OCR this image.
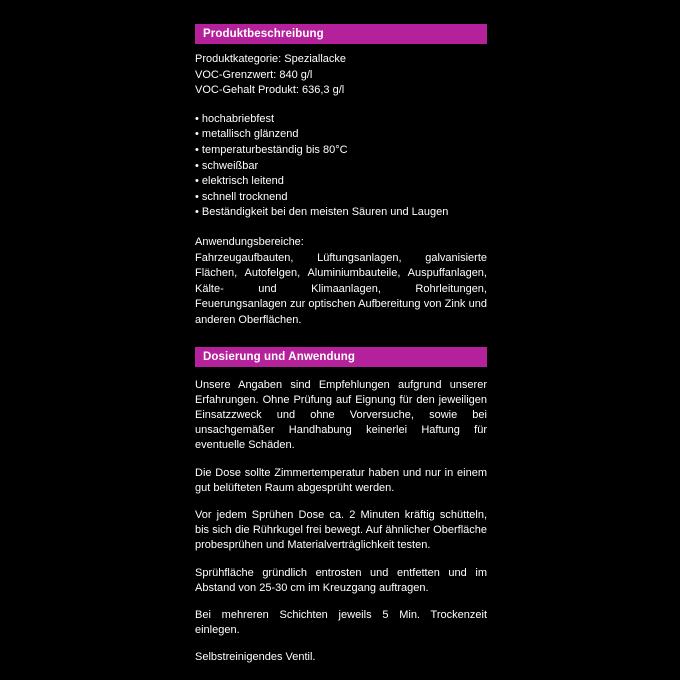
Produktbeschreibung
Produktkategorie: Speziallacke
VOC-Grenzwert: 840 g/l
VOC-Gehalt Produkt: 636,3 g/l
• hochabriebfest
• metallisch glänzend
• temperaturbeständig bis 80°C
• schweißbar
• elektrisch leitend
• schnell trocknend
• Beständigkeit bei den meisten Säuren und Laugen
Anwendungsbereiche:
Fahrzeugaufbauten, Lüftungsanlagen, galvanisierte Flächen, Autofelgen, Aluminiumbauteile, Auspuffanlagen, Kälte- und Klimaanlagen, Rohrleitungen, Feuerungsanlagen zur optischen Aufbereitung von Zink und anderen Oberflächen.
Dosierung und Anwendung
Unsere Angaben sind Empfehlungen aufgrund unserer Erfahrungen. Ohne Prüfung auf Eignung für den jeweiligen Einsatzzweck und ohne Vorversuche, sowie bei unsachgemäßer Handhabung keinerlei Haftung für eventuelle Schäden.
Die Dose sollte Zimmertemperatur haben und nur in einem gut belüfteten Raum abgesprüht werden.
Vor jedem Sprühen Dose ca. 2 Minuten kräftig schütteln, bis sich die Rührkugel frei bewegt. Auf ähnlicher Oberfläche probesprühen und Materialverträglichkeit testen.
Sprühfläche gründlich entrosten und entfetten und im Abstand von 25-30 cm im Kreuzgang auftragen.
Bei mehreren Schichten jeweils 5 Min. Trockenzeit einlegen.
Selbstreinigendes Ventil.
